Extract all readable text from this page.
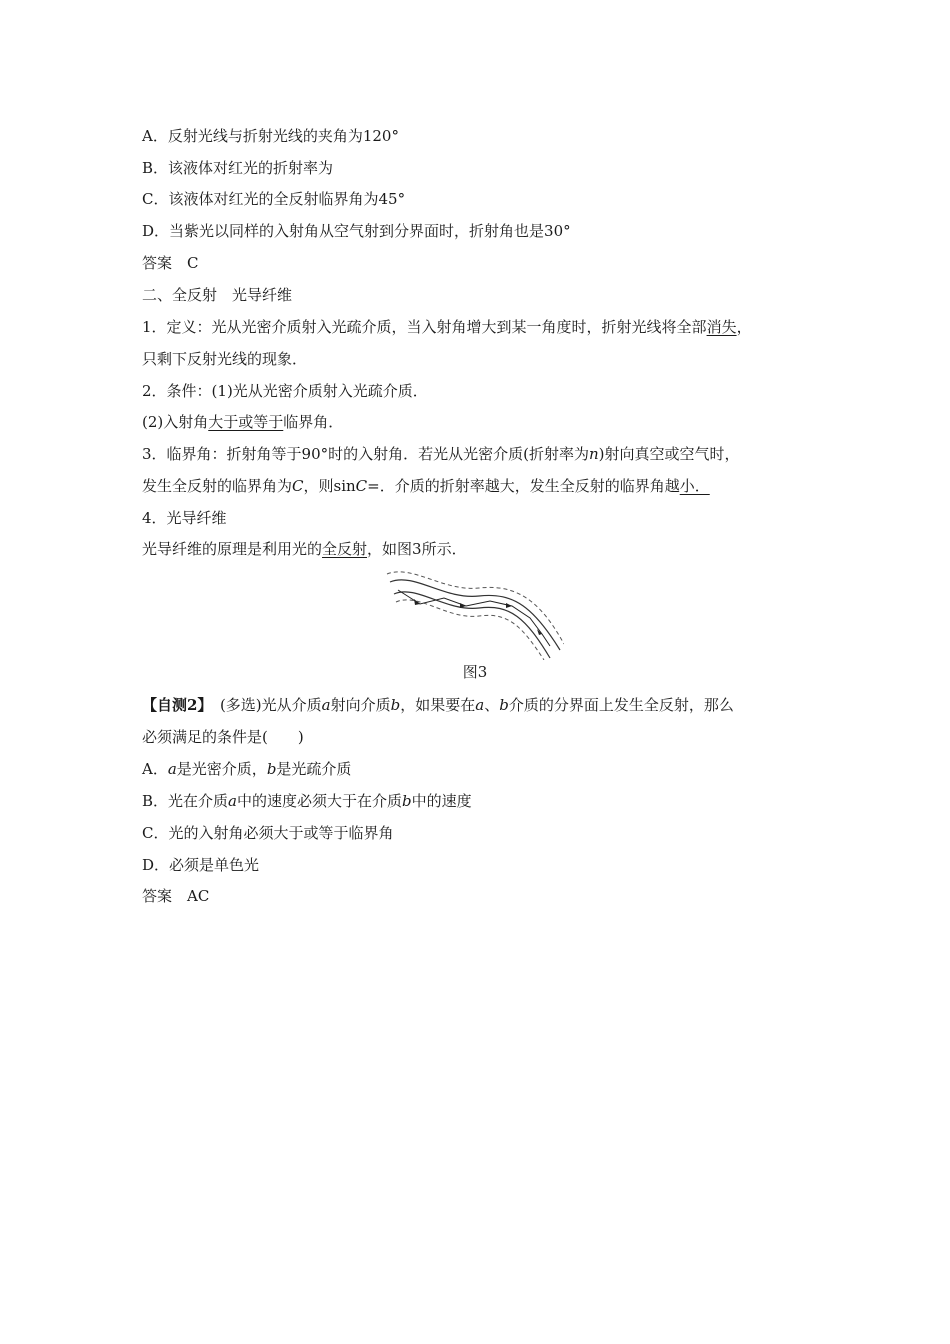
A．反射光线与折射光线的夹角为120°
B．该液体对红光的折射率为
C．该液体对红光的全反射临界角为45°
D．当紫光以同样的入射角从空气射到分界面时，折射角也是30°
答案　C
二、全反射　光导纤维
1．定义：光从光密介质射入光疏介质，当入射角增大到某一角度时，折射光线将全部消失，
只剩下反射光线的现象．
2．条件：(1)光从光密介质射入光疏介质．
(2)入射角大于或等于临界角．
3．临界角：折射角等于90°时的入射角．若光从光密介质(折射率为n)射向真空或空气时，
发生全反射的临界角为C，则sinC=．介质的折射率越大，发生全反射的临界角越小．
4．光导纤维
光导纤维的原理是利用光的全反射，如图3所示．
图3
【自测2】  (多选)光从介质a射向介质b，如果要在a、b介质的分界面上发生全反射，那么
必须满足的条件是(　　)
A．a是光密介质，b是光疏介质
B．光在介质a中的速度必须大于在介质b中的速度
C．光的入射角必须大于或等于临界角
D．必须是单色光
答案　AC
